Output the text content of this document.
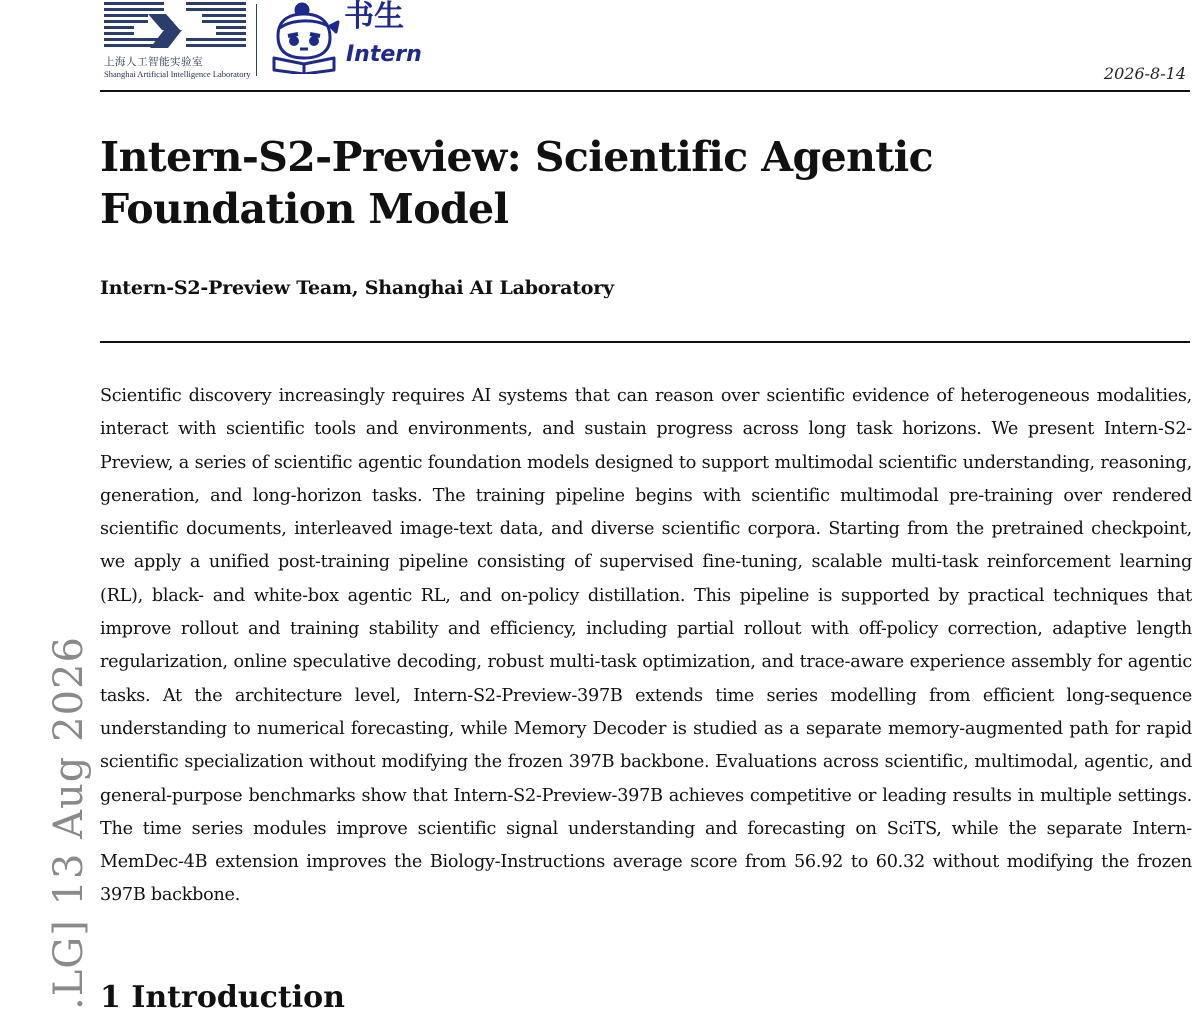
上海人工智能实验室
Shanghai Artificial Intelligence Laboratory
书生
Intern
2026-8-14
Intern-S2-Preview: Scientific Agentic Foundation Model
Intern-S2-Preview Team, Shanghai AI Laboratory

Scientific discovery increasingly requires AI systems that can reason over scientific evidence of heterogeneous modalities, interact with scientific tools and environments, and sustain progress across long task horizons. We present Intern-S2-Preview, a series of scientific agentic foundation models designed to support multimodal scientific understanding, reasoning, generation, and long-horizon tasks. The training pipeline begins with scientific multimodal pre-training over rendered scientific documents, interleaved image-text data, and diverse scientific corpora. Starting from the pretrained checkpoint, we apply a unified post-training pipeline consisting of supervised fine-tuning, scalable multi-task reinforcement learning (RL), black- and white-box agentic RL, and on-policy distillation. This pipeline is supported by practical techniques that improve rollout and training stability and efficiency, including partial rollout with off-policy correction, adaptive length regularization, online speculative decoding, robust multi-task optimization, and trace-aware experience assembly for agentic tasks. At the architecture level, Intern-S2-Preview-397B extends time series modelling from efficient long-sequence understanding to numerical forecasting, while Memory Decoder is studied as a separate memory-augmented path for rapid scientific specialization without modifying the frozen 397B backbone. Evaluations across scientific, multimodal, agentic, and general-purpose benchmarks show that Intern-S2-Preview-397B achieves competitive or leading results in multiple settings. The time series modules improve scientific signal understanding and forecasting on SciTS, while the separate Intern-MemDec-4B extension improves the Biology-Instructions average score from 56.92 to 60.32 without modifying the frozen 397B backbone.

.LG] 13 Aug 2026 1 Introduction
